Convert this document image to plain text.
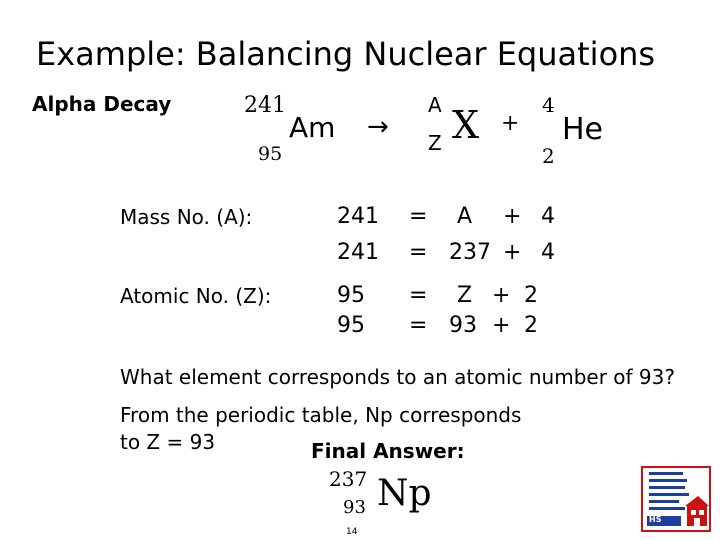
Example: Balancing Nuclear Equations
Alpha Decay	241
95
Am →
A
Z X +
4
2
He
Mass No. (A):	241 = A + 4
241 = 237 + 4
Atomic No. (Z):	95 = Z + 2
95 = 93 + 2
What element corresponds to an atomic number of 93?
From the periodic table, Np corresponds
to Z = 93	Final Answer:
237
93 Np
14
HS
